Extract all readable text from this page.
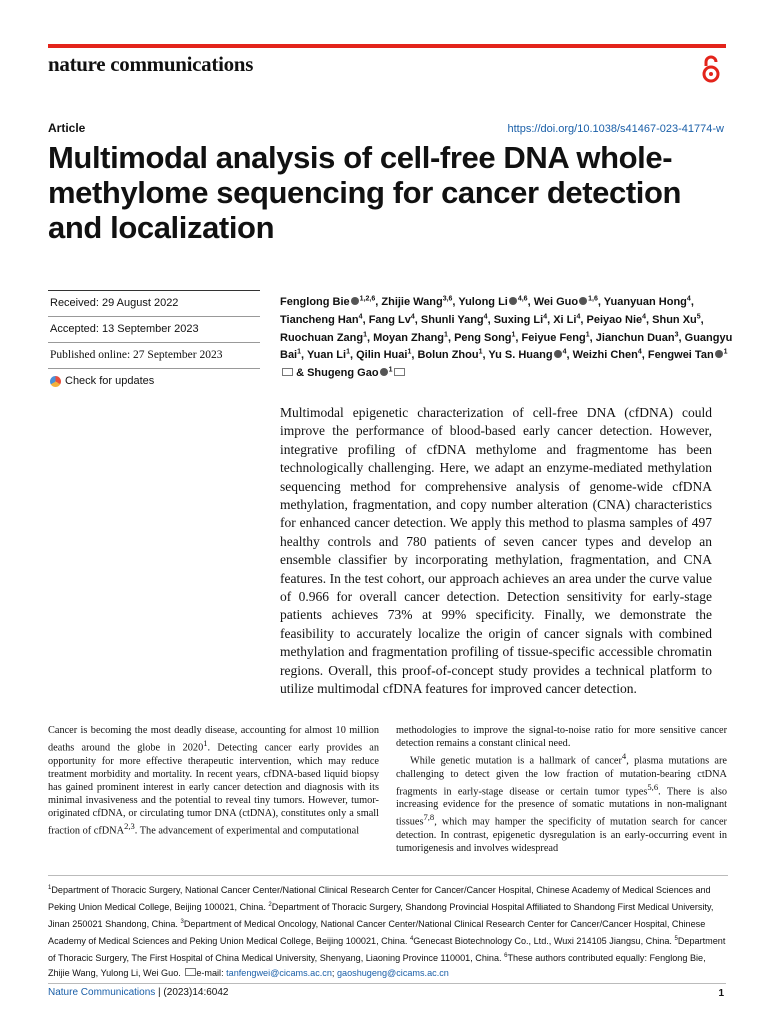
nature communications
Article	https://doi.org/10.1038/s41467-023-41774-w
Multimodal analysis of cell-free DNA whole-methylome sequencing for cancer detection and localization
Received: 29 August 2022
Accepted: 13 September 2023
Published online: 27 September 2023
Check for updates
Fenglong Bie $^{1,2,6}$, Zhijie Wang$^{3,6}$, Yulong Li $^{4,6}$, Wei Guo $^{1,6}$, Yuanyuan Hong$^4$, Tiancheng Han$^4$, Fang Lv$^4$, Shunli Yang$^4$, Suxing Li$^4$, Xi Li$^4$, Peiyao Nie$^4$, Shun Xu$^5$, Ruochuan Zang$^1$, Moyan Zhang$^1$, Peng Song$^1$, Feiyue Feng$^1$, Jianchun Duan$^3$, Guangyu Bai$^1$, Yuan Li$^1$, Qilin Huai$^1$, Bolun Zhou$^1$, Yu S. Huang $^4$, Weizhi Chen$^4$, Fengwei Tan $^1$ & Shugeng Gao $^1$

Multimodal epigenetic characterization of cell-free DNA (cfDNA) could improve the performance of blood-based early cancer detection. However, integrative profiling of cfDNA methylome and fragmentome has been technologically challenging. Here, we adapt an enzyme-mediated methylation sequencing method for comprehensive analysis of genome-wide cfDNA methylation, fragmentation, and copy number alteration (CNA) characteristics for enhanced cancer detection. We apply this method to plasma samples of 497 healthy controls and 780 patients of seven cancer types and develop an ensemble classifier by incorporating methylation, fragmentation, and CNA features. In the test cohort, our approach achieves an area under the curve value of 0.966 for overall cancer detection. Detection sensitivity for early-stage patients achieves 73% at 99% specificity. Finally, we demonstrate the feasibility to accurately localize the origin of cancer signals with combined methylation and fragmentation profiling of tissue-specific accessible chromatin regions. Overall, this proof-of-concept study provides a technical platform to utilize multimodal cfDNA features for improved cancer detection.

Cancer is becoming the most deadly disease, accounting for almost 10 million deaths around the globe in 2020$^1$. Detecting cancer early provides an opportunity for more effective therapeutic intervention, which may reduce treatment morbidity and mortality. In recent years, cfDNA-based liquid biopsy has gained prominent interest in early cancer detection and diagnosis with its minimal invasiveness and the potential to reveal tiny tumors. However, tumor-originated cfDNA, or circulating tumor DNA (ctDNA), constitutes only a small fraction of cfDNA$^{2,3}$. The advancement of experimental and computational

methodologies to improve the signal-to-noise ratio for more sensitive cancer detection remains a constant clinical need.

While genetic mutation is a hallmark of cancer$^4$, plasma mutations are challenging to detect given the low fraction of mutation-bearing ctDNA fragments in early-stage disease or certain tumor types$^{5,6}$. There is also increasing evidence for the presence of somatic mutations in non-malignant tissues$^{7,8}$, which may hamper the specificity of mutation search for cancer detection. In contrast, epigenetic dysregulation is an early-occurring event in tumorigenesis and involves widespread

$^1$Department of Thoracic Surgery, National Cancer Center/National Clinical Research Center for Cancer/Cancer Hospital, Chinese Academy of Medical Sciences and Peking Union Medical College, Beijing 100021, China. $^2$Department of Thoracic Surgery, Shandong Provincial Hospital Affiliated to Shandong First Medical University, Jinan 250021 Shandong, China. $^3$Department of Medical Oncology, National Cancer Center/National Clinical Research Center for Cancer/Cancer Hospital, Chinese Academy of Medical Sciences and Peking Union Medical College, Beijing 100021, China. $^4$Genecast Biotechnology Co., Ltd., Wuxi 214105 Jiangsu, China. $^5$Department of Thoracic Surgery, The First Hospital of China Medical University, Shenyang, Liaoning Province 110001, China. $^6$These authors contributed equally: Fenglong Bie, Zhijie Wang, Yulong Li, Wei Guo. e-mail: tanfengwei@cicams.ac.cn; gaoshugeng@cicams.ac.cn

Nature Communications | (2023)14:6042	1
